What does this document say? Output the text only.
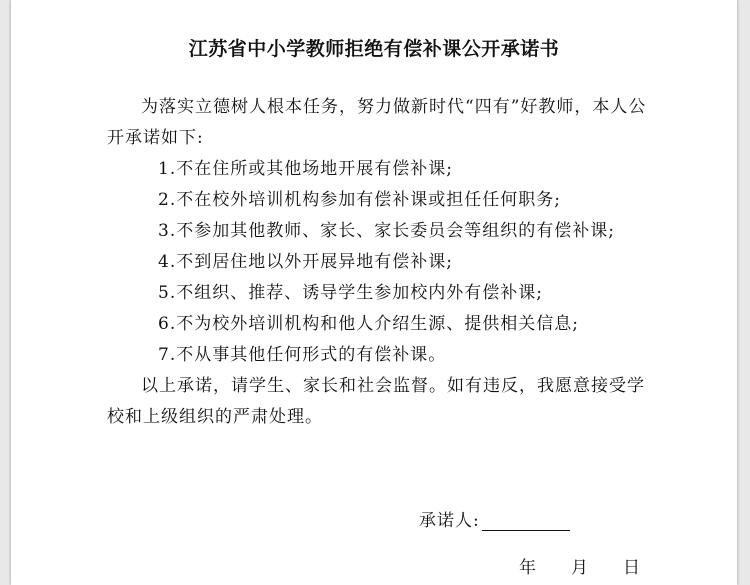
江苏省中小学教师拒绝有偿补课公开承诺书

为落实立德树人根本任务，努力做新时代“四有”好教师，本人公开承诺如下:

1.不在住所或其他场地开展有偿补课;

2.不在校外培训机构参加有偿补课或担任任何职务;

3.不参加其他教师、家长、家长委员会等组织的有偿补课;

4.不到居住地以外开展异地有偿补课;

5.不组织、推荐、诱导学生参加校内外有偿补课;

6.不为校外培训机构和他人介绍生源、提供相关信息;

7.不从事其他任何形式的有偿补课。

以上承诺，请学生、家长和社会监督。如有违反，我愿意接受学校和上级组织的严肃处理。

承诺人:
年 月 日
